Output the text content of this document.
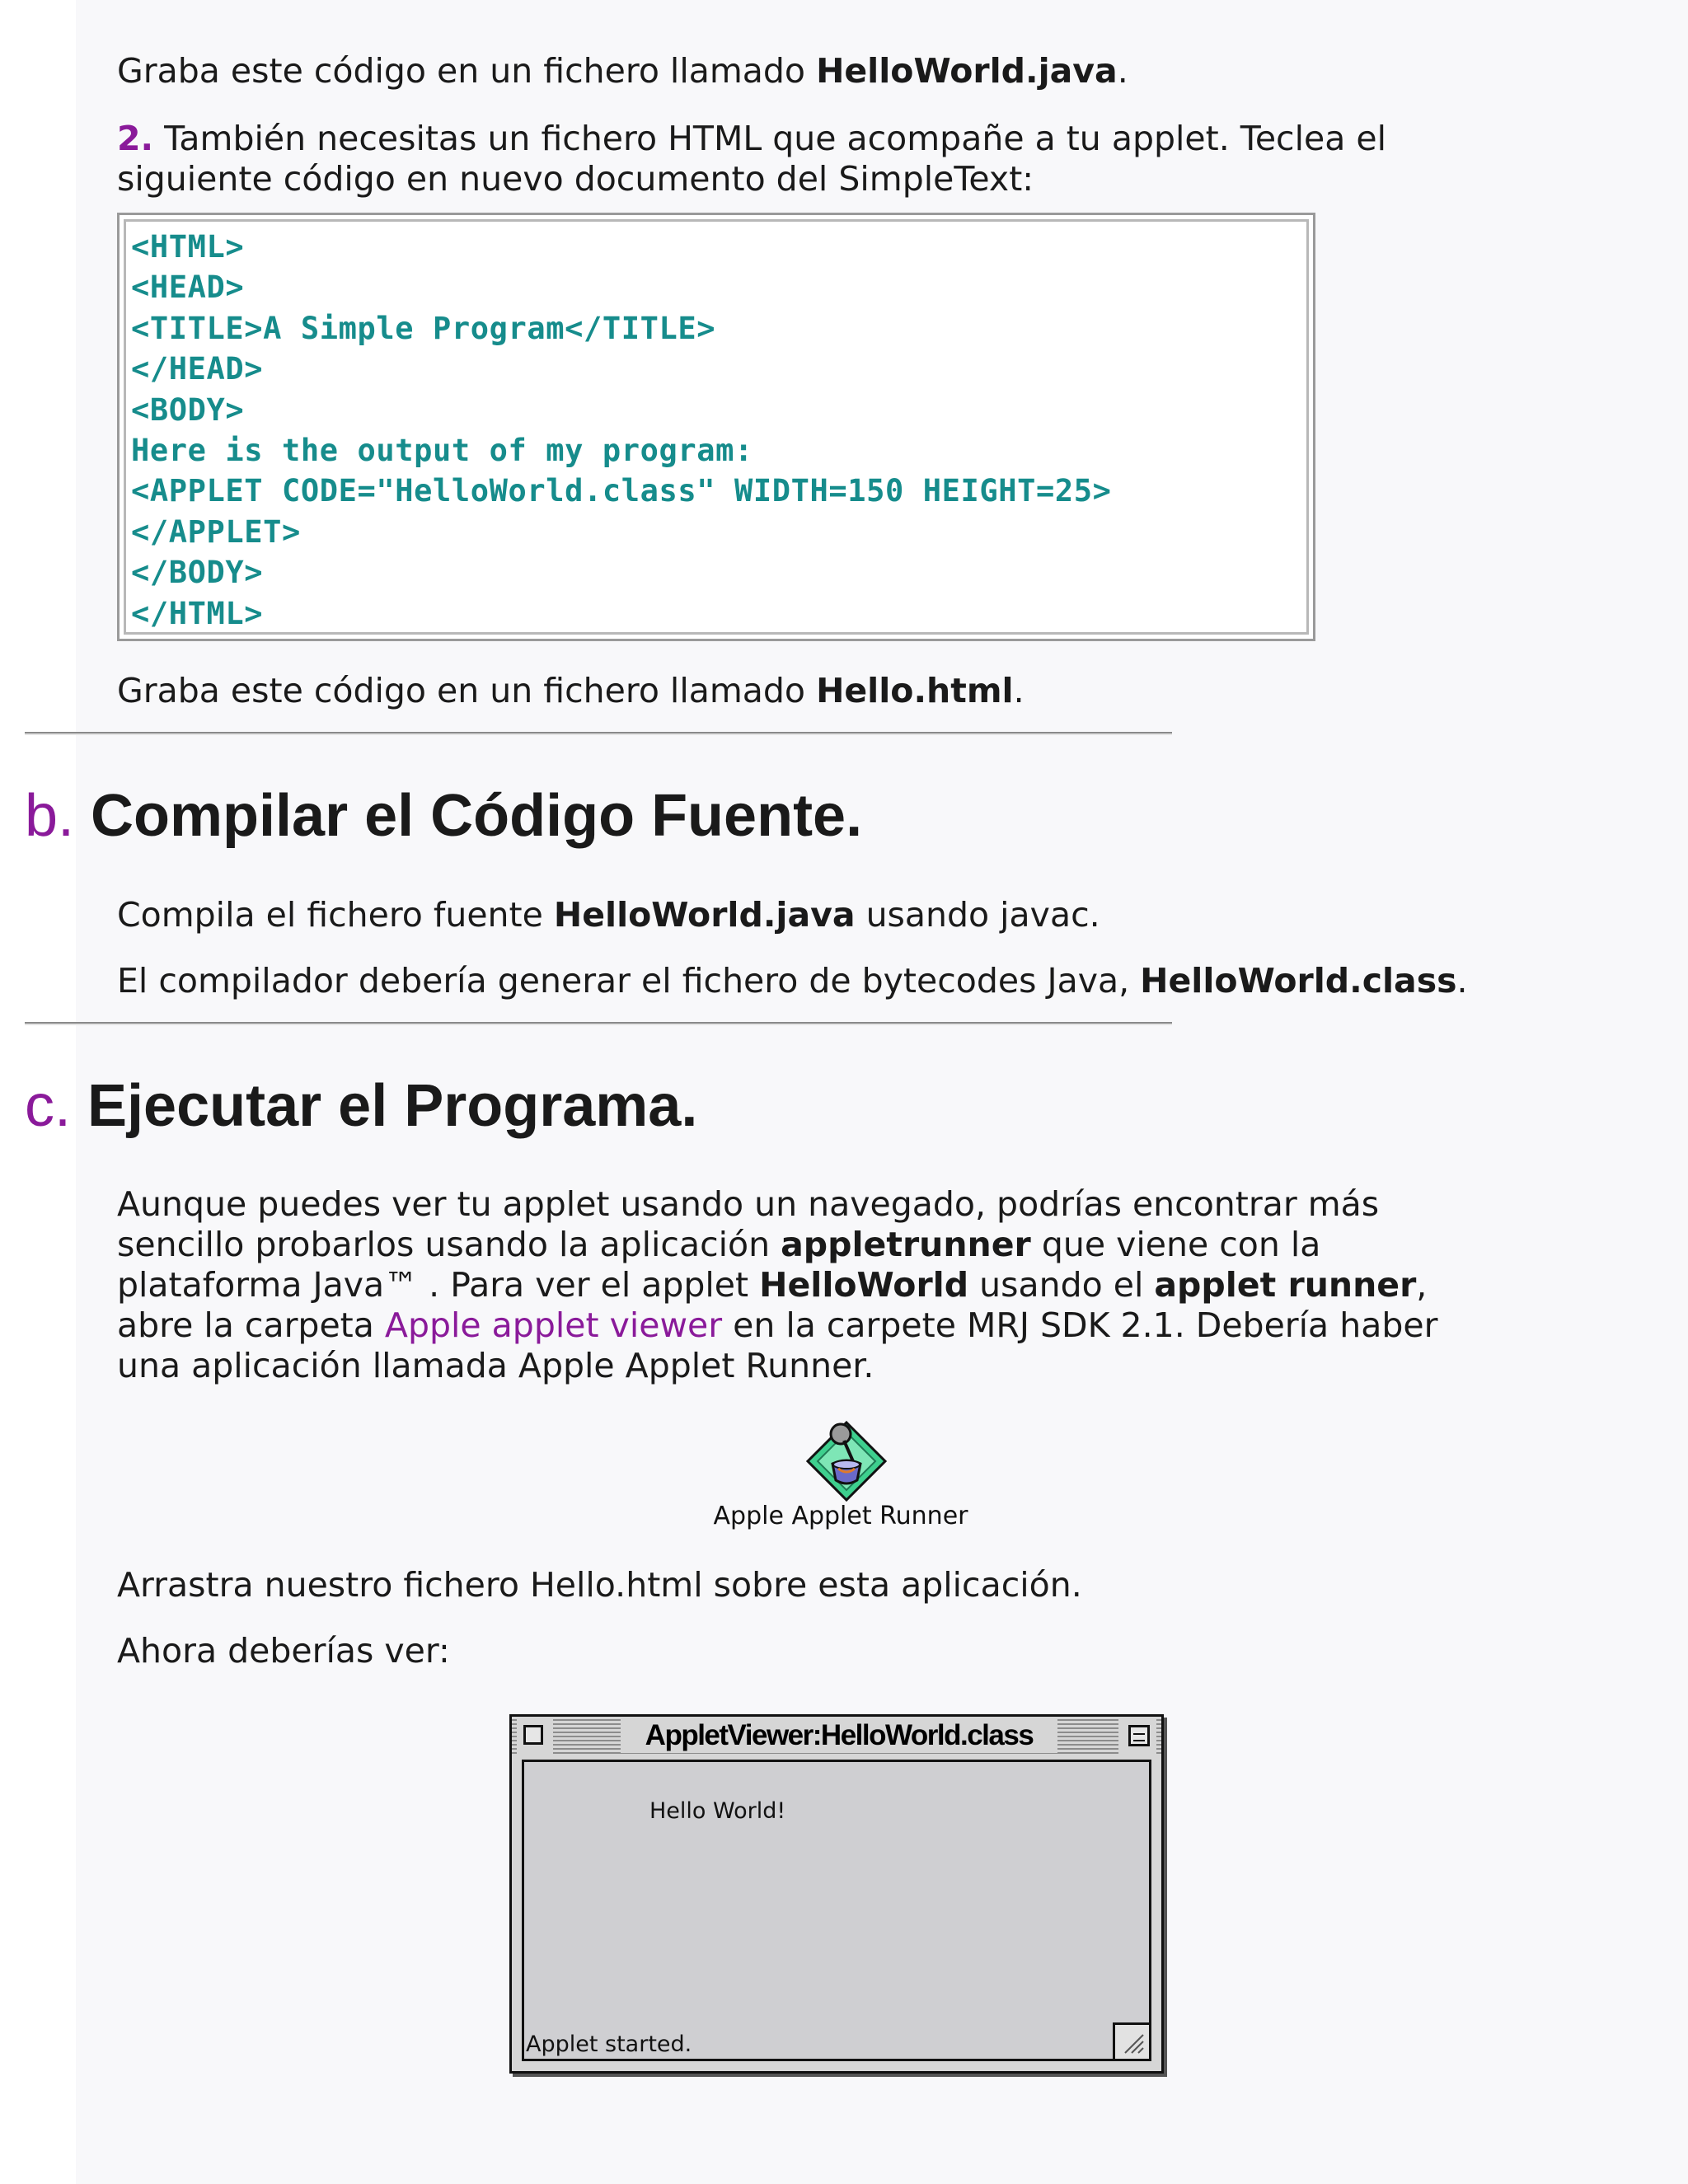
Graba este código en un fichero llamado HelloWorld.java.

2. También necesitas un fichero HTML que acompañe a tu applet. Teclea el

siguiente código en nuevo documento del SimpleText:

<HTML>
<HEAD>
<TITLE>A Simple Program</TITLE>
</HEAD>
<BODY>
Here is the output of my program:
<APPLET CODE="HelloWorld.class" WIDTH=150 HEIGHT=25>
</APPLET>
</BODY>
</HTML>

Graba este código en un fichero llamado Hello.html.

b. Compilar el Código Fuente.

Compila el fichero fuente HelloWorld.java usando javac.

El compilador debería generar el fichero de bytecodes Java, HelloWorld.class.

c. Ejecutar el Programa.

Aunque puedes ver tu applet usando un navegado, podrías encontrar más

sencillo probarlos usando la aplicación appletrunner que viene con la

plataforma Java™ . Para ver el applet HelloWorld usando el applet runner,

abre la carpeta Apple applet viewer en la carpete MRJ SDK 2.1. Debería haber

una aplicación llamada Apple Applet Runner.

Apple Applet Runner

Arrastra nuestro fichero Hello.html sobre esta aplicación.

Ahora deberías ver:

AppletViewer:HelloWorld.class
Hello World!
Applet started.
